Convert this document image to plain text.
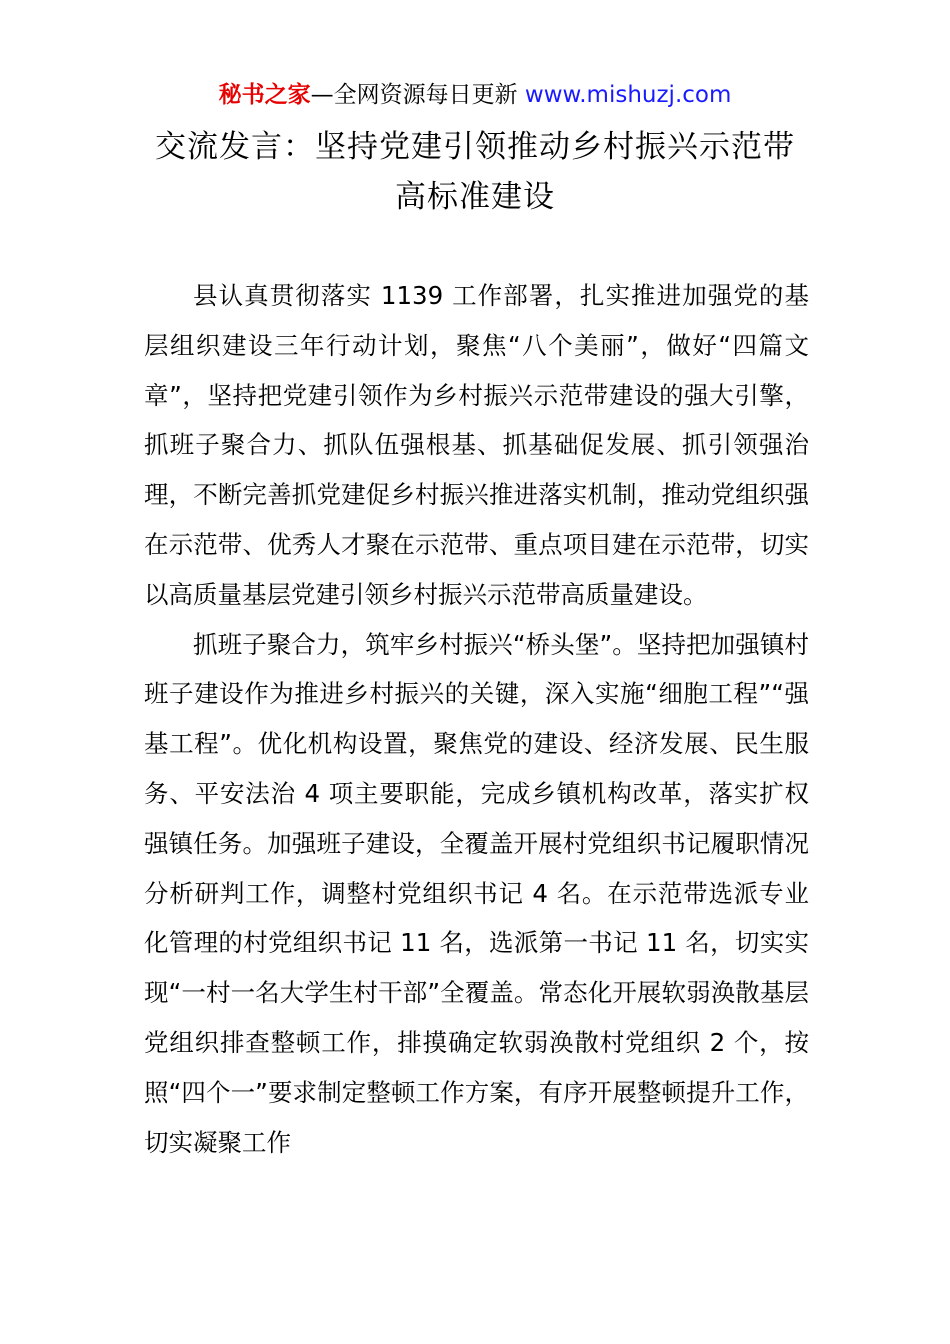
秘书之家—全网资源每日更新 www.mishuzj.com
交流发言：坚持党建引领推动乡村振兴示范带
高标准建设

县认真贯彻落实 1139 工作部署，扎实推进加强党的基层组织建设三年行动计划，聚焦“八个美丽”，做好“四篇文章”，坚持把党建引领作为乡村振兴示范带建设的强大引擎，抓班子聚合力、抓队伍强根基、抓基础促发展、抓引领强治理，不断完善抓党建促乡村振兴推进落实机制，推动党组织强在示范带、优秀人才聚在示范带、重点项目建在示范带，切实以高质量基层党建引领乡村振兴示范带高质量建设。

抓班子聚合力，筑牢乡村振兴“桥头堡”。坚持把加强镇村班子建设作为推进乡村振兴的关键，深入实施“细胞工程”“强基工程”。优化机构设置，聚焦党的建设、经济发展、民生服务、平安法治 4 项主要职能，完成乡镇机构改革，落实扩权强镇任务。加强班子建设，全覆盖开展村党组织书记履职情况分析研判工作，调整村党组织书记 4 名。在示范带选派专业化管理的村党组织书记 11 名，选派第一书记 11 名，切实实现“一村一名大学生村干部”全覆盖。常态化开展软弱涣散基层党组织排查整顿工作，排摸确定软弱涣散村党组织 2 个，按照“四个一”要求制定整顿工作方案，有序开展整顿提升工作，切实凝聚工作
